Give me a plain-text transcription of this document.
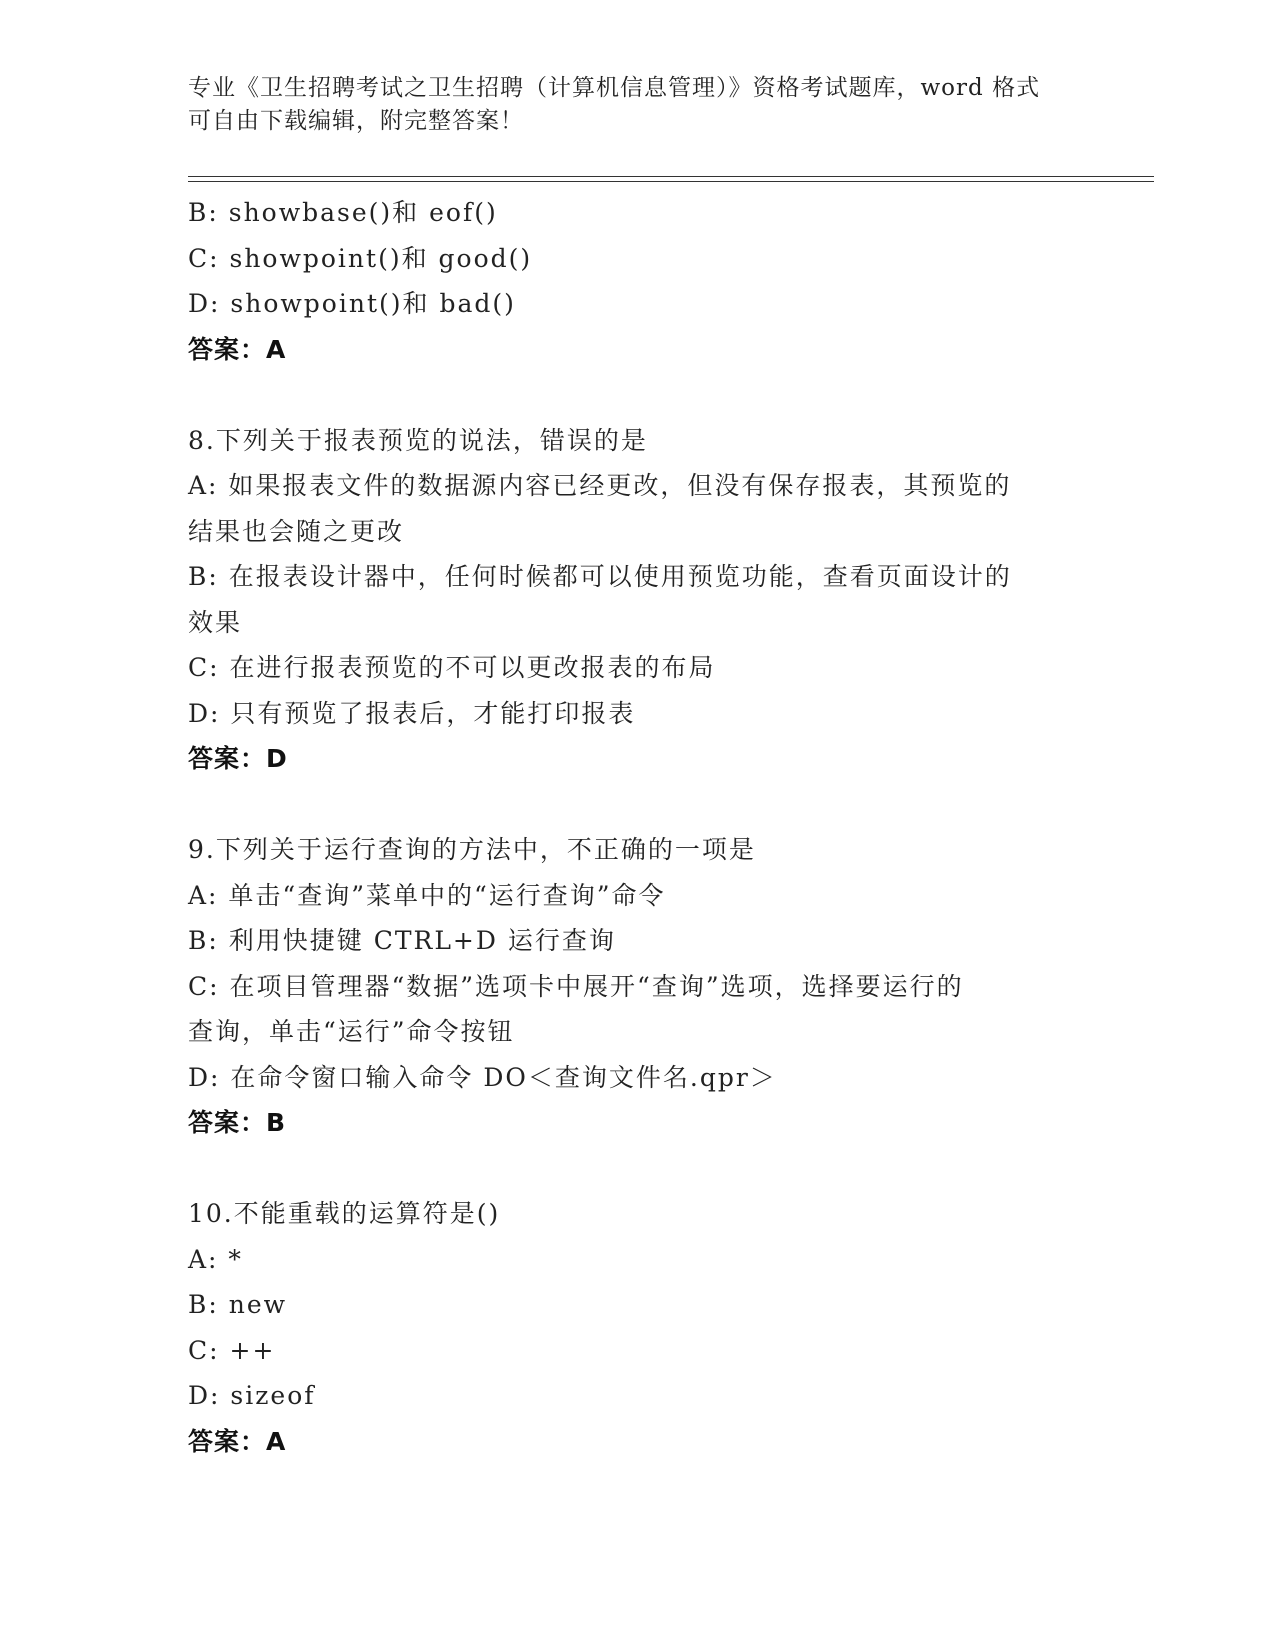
专业《卫生招聘考试之卫生招聘（计算机信息管理）》资格考试题库，word 格式
可自由下载编辑，附完整答案！
B: showbase()和 eof()
C: showpoint()和 good()
D: showpoint()和 bad()
答案：A
8.下列关于报表预览的说法，错误的是
A: 如果报表文件的数据源内容已经更改，但没有保存报表，其预览的
结果也会随之更改
B: 在报表设计器中，任何时候都可以使用预览功能，查看页面设计的
效果
C: 在进行报表预览的不可以更改报表的布局
D: 只有预览了报表后，才能打印报表
答案：D
9.下列关于运行查询的方法中，不正确的一项是
A: 单击“查询”菜单中的“运行查询”命令
B: 利用快捷键 CTRL+D 运行查询
C: 在项目管理器“数据”选项卡中展开“查询”选项，选择要运行的
查询，单击“运行”命令按钮
D: 在命令窗口输入命令 DO＜查询文件名.qpr＞
答案：B
10.不能重载的运算符是()
A: *
B: new
C: ++
D: sizeof
答案：A
